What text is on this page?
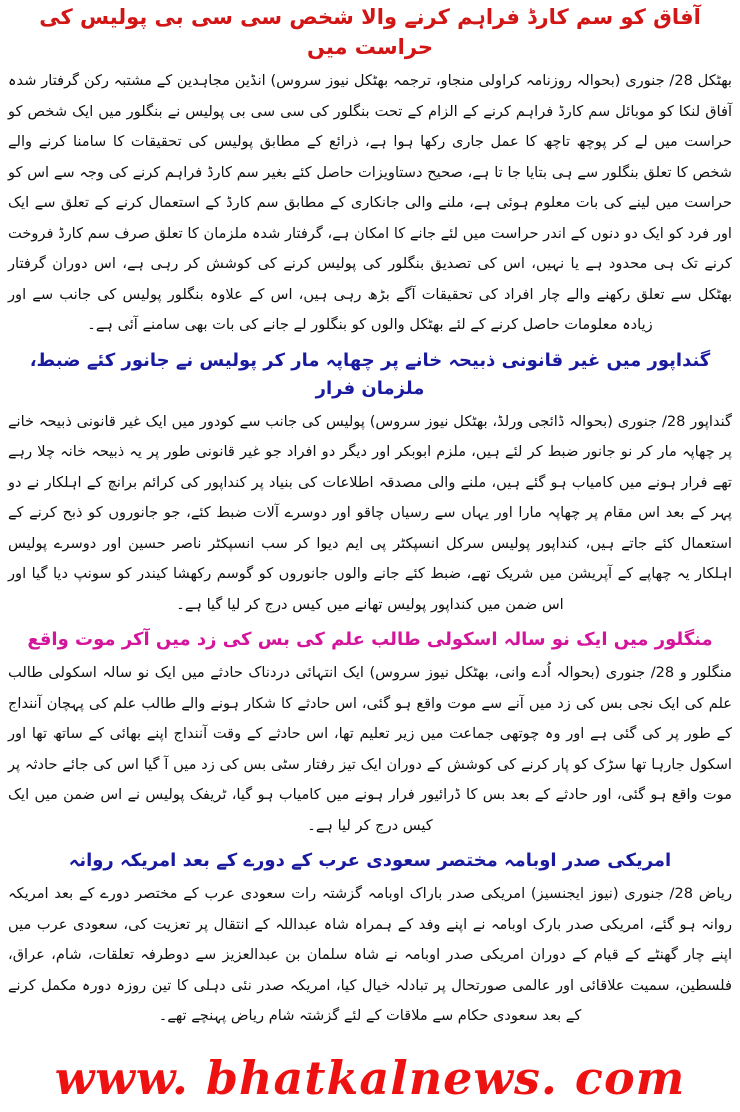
آفاق کو سم کارڈ فراہم کرنے والا شخص سی سی بی پولیس کی حراست میں

بھٹکل 28/ جنوری (بحوالہ روزنامہ کراولی منجاو، ترجمہ بھٹکل نیوز سروس) انڈین مجاہدین کے مشتبہ رکن گرفتار شدہ آفاق لنکا کو موبائل سم کارڈ فراہم کرنے کے الزام کے تحت بنگلور کی سی سی بی پولیس نے بنگلور میں ایک شخص کو حراست میں لے کر پوچھ تاچھ کا عمل جاری رکھا ہوا ہے، ذرائع کے مطابق پولیس کی تحقیقات کا سامنا کرنے والے شخص کا تعلق بنگلور سے ہی بتایا جا تا ہے، صحیح دستاویزات حاصل کئے بغیر سم کارڈ فراہم کرنے کی وجہ سے اس کو حراست میں لینے کی بات معلوم ہوئی ہے، ملنے والی جانکاری کے مطابق سم کارڈ کے استعمال کرنے کے تعلق سے ایک اور فرد کو ایک دو دنوں کے اندر حراست میں لئے جانے کا امکان ہے، گرفتار شدہ ملزمان کا تعلق صرف سم کارڈ فروخت کرنے تک ہی محدود ہے یا نہیں، اس کی تصدیق بنگلور کی پولیس کرنے کی کوشش کر رہی ہے، اس دوران گرفتار بھٹکل سے تعلق رکھنے والے چار افراد کی تحقیقات آگے بڑھ رہی ہیں، اس کے علاوہ بنگلور پولیس کی جانب سے اور زیادہ معلومات حاصل کرنے کے لئے بھٹکل والوں کو بنگلور لے جانے کی بات بھی سامنے آئی ہے۔

گنداپور میں غیر قانونی ذبیحہ خانے پر چھاپہ مار کر پولیس نے جانور کئے ضبط، ملزمان فرار

گنداپور 28/ جنوری (بحوالہ ڈائجی ورلڈ، بھٹکل نیوز سروس) پولیس کی جانب سے کودور میں ایک غیر قانونی ذبیحہ خانے پر چھاپہ مار کر نو جانور ضبط کر لئے ہیں، ملزم ابوبکر اور دیگر دو افراد جو غیر قانونی طور پر یہ ذبیحہ خانہ چلا رہے تھے فرار ہونے میں کامیاب ہو گئے ہیں، ملنے والی مصدقہ اطلاعات کی بنیاد پر کنداپور کی کرائم برانچ کے اہلکار نے دو پہر کے بعد اس مقام پر چھاپہ مارا اور یہاں سے رسیاں چاقو اور دوسرے آلات ضبط کئے، جو جانوروں کو ذبح کرنے کے استعمال کئے جاتے ہیں، کنداپور پولیس سرکل انسپکٹر پی ایم دیوا کر سب انسپکٹر ناصر حسین اور دوسرے پولیس اہلکار یہ چھاپے کے آپریشن میں شریک تھے، ضبط کئے جانے والوں جانوروں کو گوسم رکھشا کیندر کو سونپ دیا گیا اور اس ضمن میں کنداپور پولیس تھانے میں کیس درج کر لیا گیا ہے۔

منگلور میں ایک نو سالہ اسکولی طالب علم کی بس کی زد میں آکر موت واقع

منگلور و 28/ جنوری (بحوالہ اُدے وانی، بھٹکل نیوز سروس) ایک انتہائی دردناک حادثے میں ایک نو سالہ اسکولی طالب علم کی ایک نجی بس کی زد میں آنے سے موت واقع ہو گئی، اس حادثے کا شکار ہونے والے طالب علم کی پہچان آننداج کے طور پر کی گئی ہے اور وہ چوتھی جماعت میں زیر تعلیم تھا، اس حادثے کے وقت آننداج اپنے بھائی کے ساتھ تھا اور اسکول جارہا تھا سڑک کو پار کرنے کی کوشش کے دوران ایک تیز رفتار سٹی بس کی زد میں آ گیا اس کی جائے حادثہ پر موت واقع ہو گئی، اور حادثے کے بعد بس کا ڈرائیور فرار ہونے میں کامیاب ہو گیا، ٹریفک پولیس نے اس ضمن میں ایک کیس درج کر لیا ہے۔

امریکی صدر اوبامہ مختصر سعودی عرب کے دورے کے بعد امریکہ روانہ

ریاض 28/ جنوری (نیوز ایجنسیز) امریکی صدر باراک اوبامہ گزشتہ رات سعودی عرب کے مختصر دورے کے بعد امریکہ روانہ ہو گئے، امریکی صدر بارک اوبامہ نے اپنے وفد کے ہمراہ شاہ عبداللہ کے انتقال پر تعزیت کی، سعودی عرب میں اپنے چار گھنٹے کے قیام کے دوران امریکی صدر اوبامہ نے شاہ سلمان بن عبدالعزیز سے دوطرفہ تعلقات، شام، عراق، فلسطین، سمیت علاقائی اور عالمی صورتحال پر تبادلہ خیال کیا، امریکہ صدر نئی دہلی کا تین روزہ دورہ مکمل کرنے کے بعد سعودی حکام سے ملاقات کے لئے گزشتہ شام ریاض پہنچے تھے۔

www. bhatkalnews. com
